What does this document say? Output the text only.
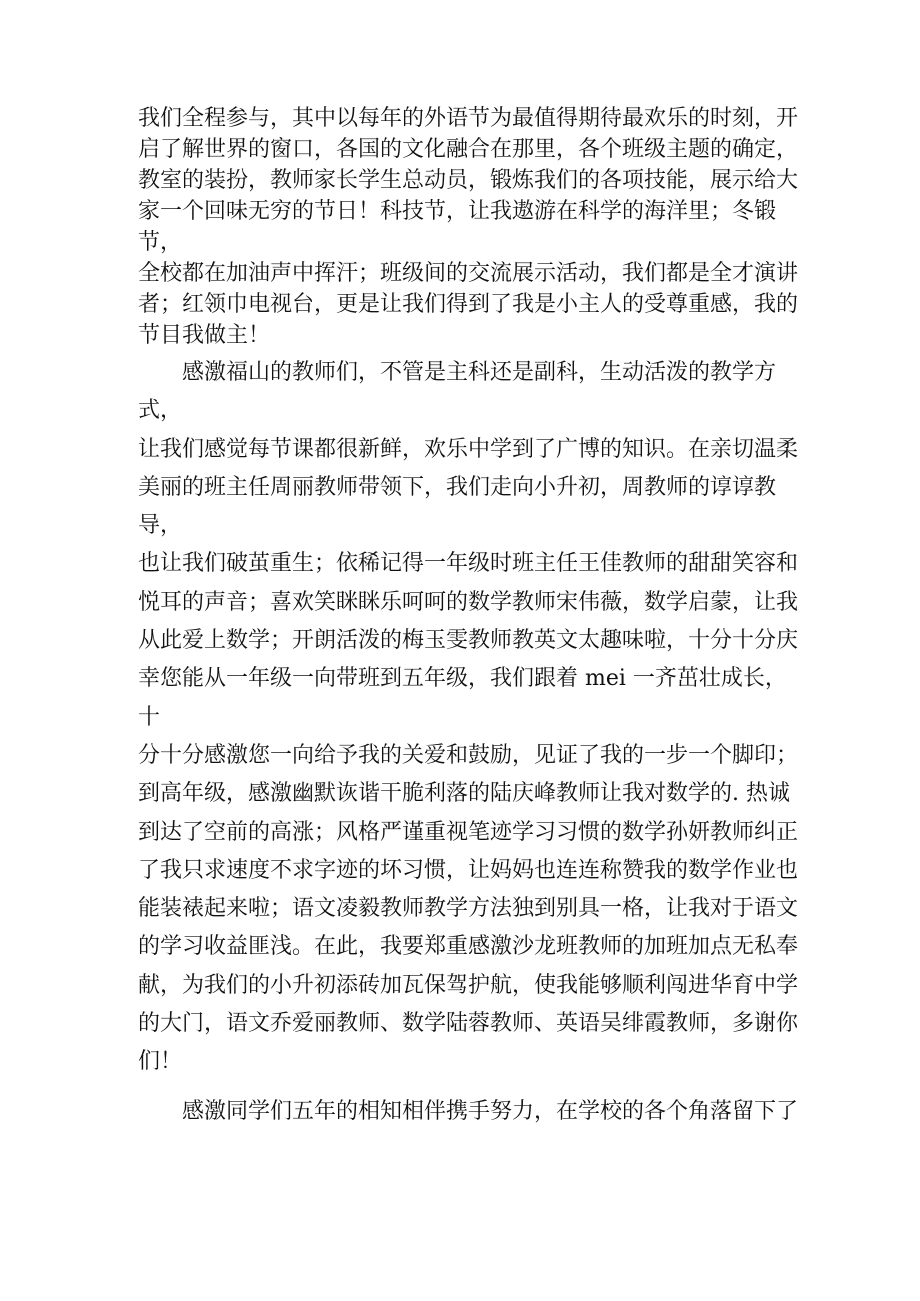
我们全程参与，其中以每年的外语节为最值得期待最欢乐的时刻，开
启了解世界的窗口，各国的文化融合在那里，各个班级主题的确定，
教室的装扮，教师家长学生总动员，锻炼我们的各项技能，展示给大
家一个回味无穷的节日！科技节，让我遨游在科学的海洋里；冬锻节，
全校都在加油声中挥汗；班级间的交流展示活动，我们都是全才演讲
者；红领巾电视台，更是让我们得到了我是小主人的受尊重感，我的
节目我做主！

　　感激福山的教师们，不管是主科还是副科，生动活泼的教学方式，
让我们感觉每节课都很新鲜，欢乐中学到了广博的知识。在亲切温柔
美丽的班主任周丽教师带领下，我们走向小升初，周教师的谆谆教导，
也让我们破茧重生；依稀记得一年级时班主任王佳教师的甜甜笑容和
悦耳的声音；喜欢笑眯眯乐呵呵的数学教师宋伟薇，数学启蒙，让我
从此爱上数学；开朗活泼的梅玉雯教师教英文太趣味啦，十分十分庆
幸您能从一年级一向带班到五年级，我们跟着 mei 一齐茁壮成长，十
分十分感激您一向给予我的关爱和鼓励，见证了我的一步一个脚印；
到高年级，感激幽默诙谐干脆利落的陆庆峰教师让我对数学的. 热诚
到达了空前的高涨；风格严谨重视笔迹学习习惯的数学孙妍教师纠正
了我只求速度不求字迹的坏习惯，让妈妈也连连称赞我的数学作业也
能装裱起来啦；语文凌毅教师教学方法独到别具一格，让我对于语文
的学习收益匪浅。在此，我要郑重感激沙龙班教师的加班加点无私奉
献，为我们的小升初添砖加瓦保驾护航，使我能够顺利闯进华育中学
的大门，语文乔爱丽教师、数学陆蓉教师、英语吴绯霞教师，多谢你
们！

　　感激同学们五年的相知相伴携手努力，在学校的各个角落留下了
